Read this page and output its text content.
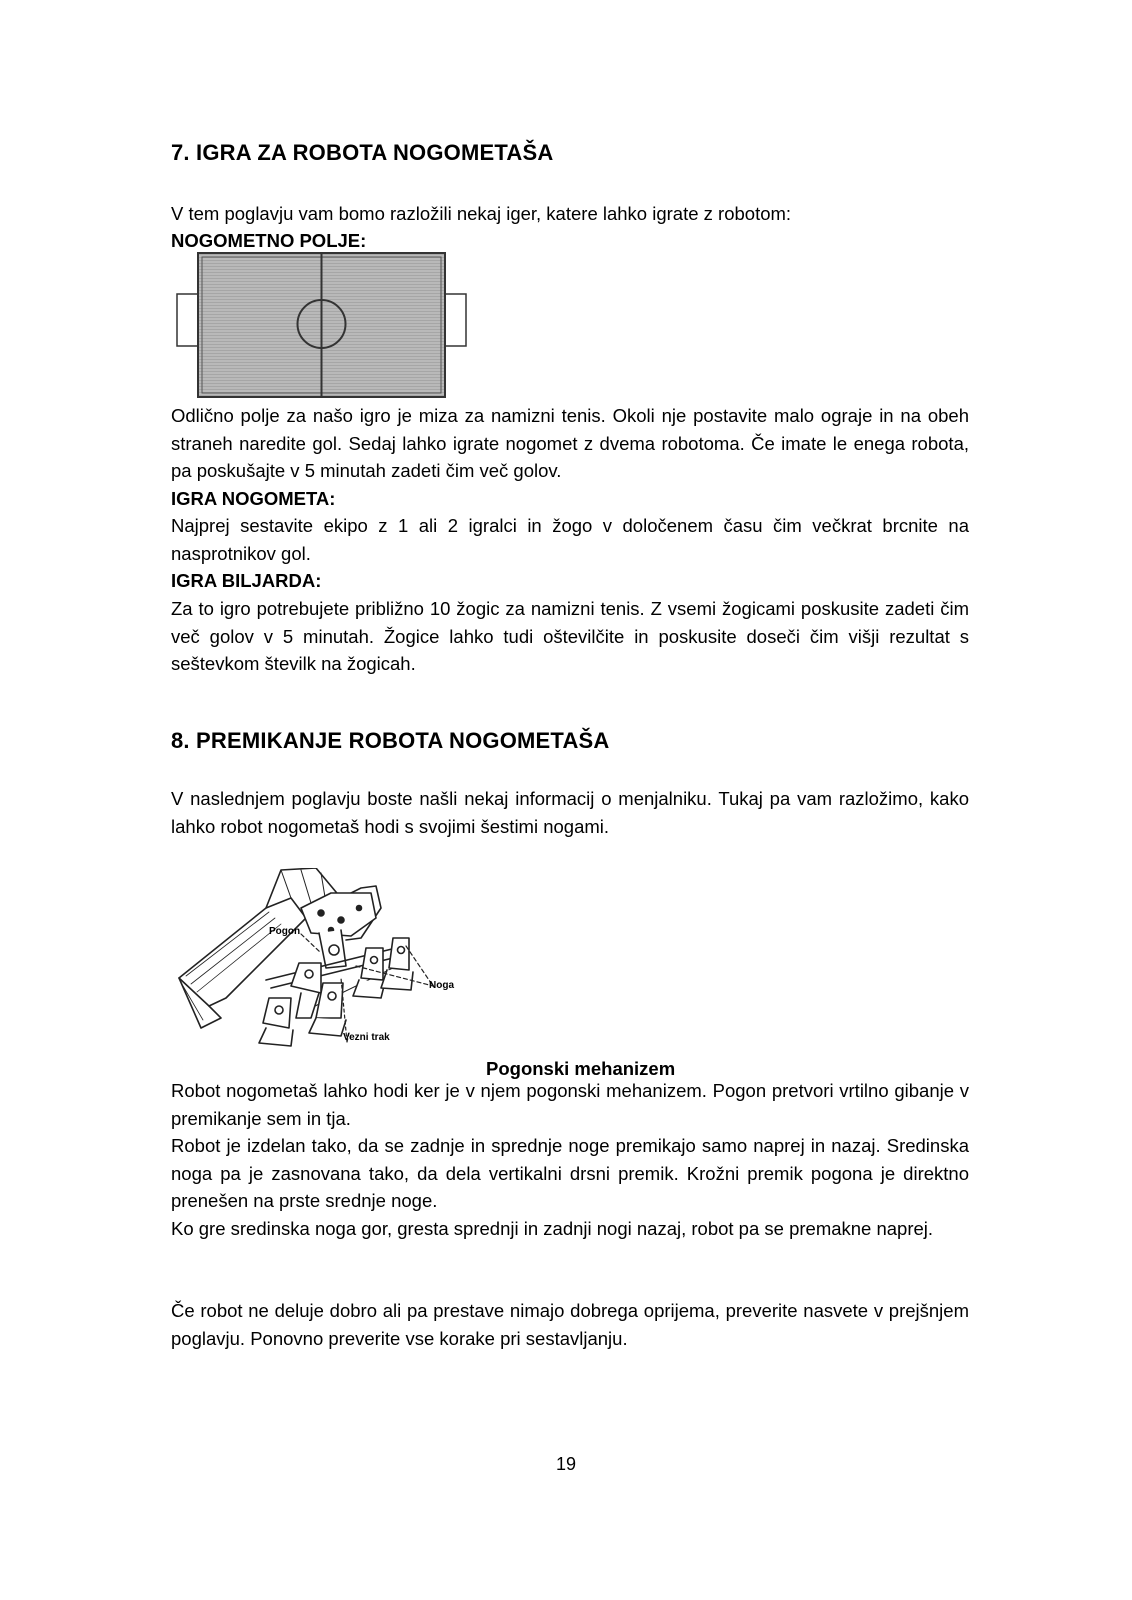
7. IGRA ZA ROBOTA NOGOMETAŠA

V tem poglavju vam bomo razložili nekaj iger, katere lahko igrate z robotom:

NOGOMETNO POLJE:

Odlično polje za našo igro je miza za namizni tenis. Okoli nje postavite malo ograje in na obeh straneh naredite gol. Sedaj lahko igrate nogomet z dvema robotoma. Če imate le enega robota, pa poskušajte v 5 minutah zadeti čim več golov.

IGRA NOGOMETA:

Najprej sestavite ekipo z 1 ali 2 igralci in žogo v določenem času čim večkrat brcnite na nasprotnikov gol.

IGRA BILJARDA:

Za to igro potrebujete približno 10 žogic za namizni tenis. Z vsemi žogicami poskusite zadeti čim več golov v 5 minutah. Žogice lahko tudi oštevilčite in poskusite doseči čim višji rezultat s seštevkom številk na žogicah.

8. PREMIKANJE ROBOTA NOGOMETAŠA

V naslednjem poglavju boste našli nekaj informacij o menjalniku. Tukaj pa vam razložimo, kako lahko robot nogometaš hodi s svojimi šestimi nogami.

Pogon
Noga
Vezni trak
Pogonski mehanizem

Robot nogometaš lahko hodi ker je v njem pogonski mehanizem. Pogon pretvori vrtilno gibanje v premikanje sem in tja.

Robot je izdelan tako, da se zadnje in sprednje noge premikajo samo naprej in nazaj. Sredinska noga pa je zasnovana tako, da dela vertikalni drsni premik. Krožni premik pogona je direktno prenešen na prste srednje noge.

Ko gre sredinska noga gor, gresta sprednji in zadnji nogi nazaj, robot pa se premakne naprej.

Če robot ne deluje dobro ali pa prestave nimajo dobrega oprijema, preverite nasvete v prejšnjem poglavju. Ponovno preverite vse korake pri sestavljanju.

19
